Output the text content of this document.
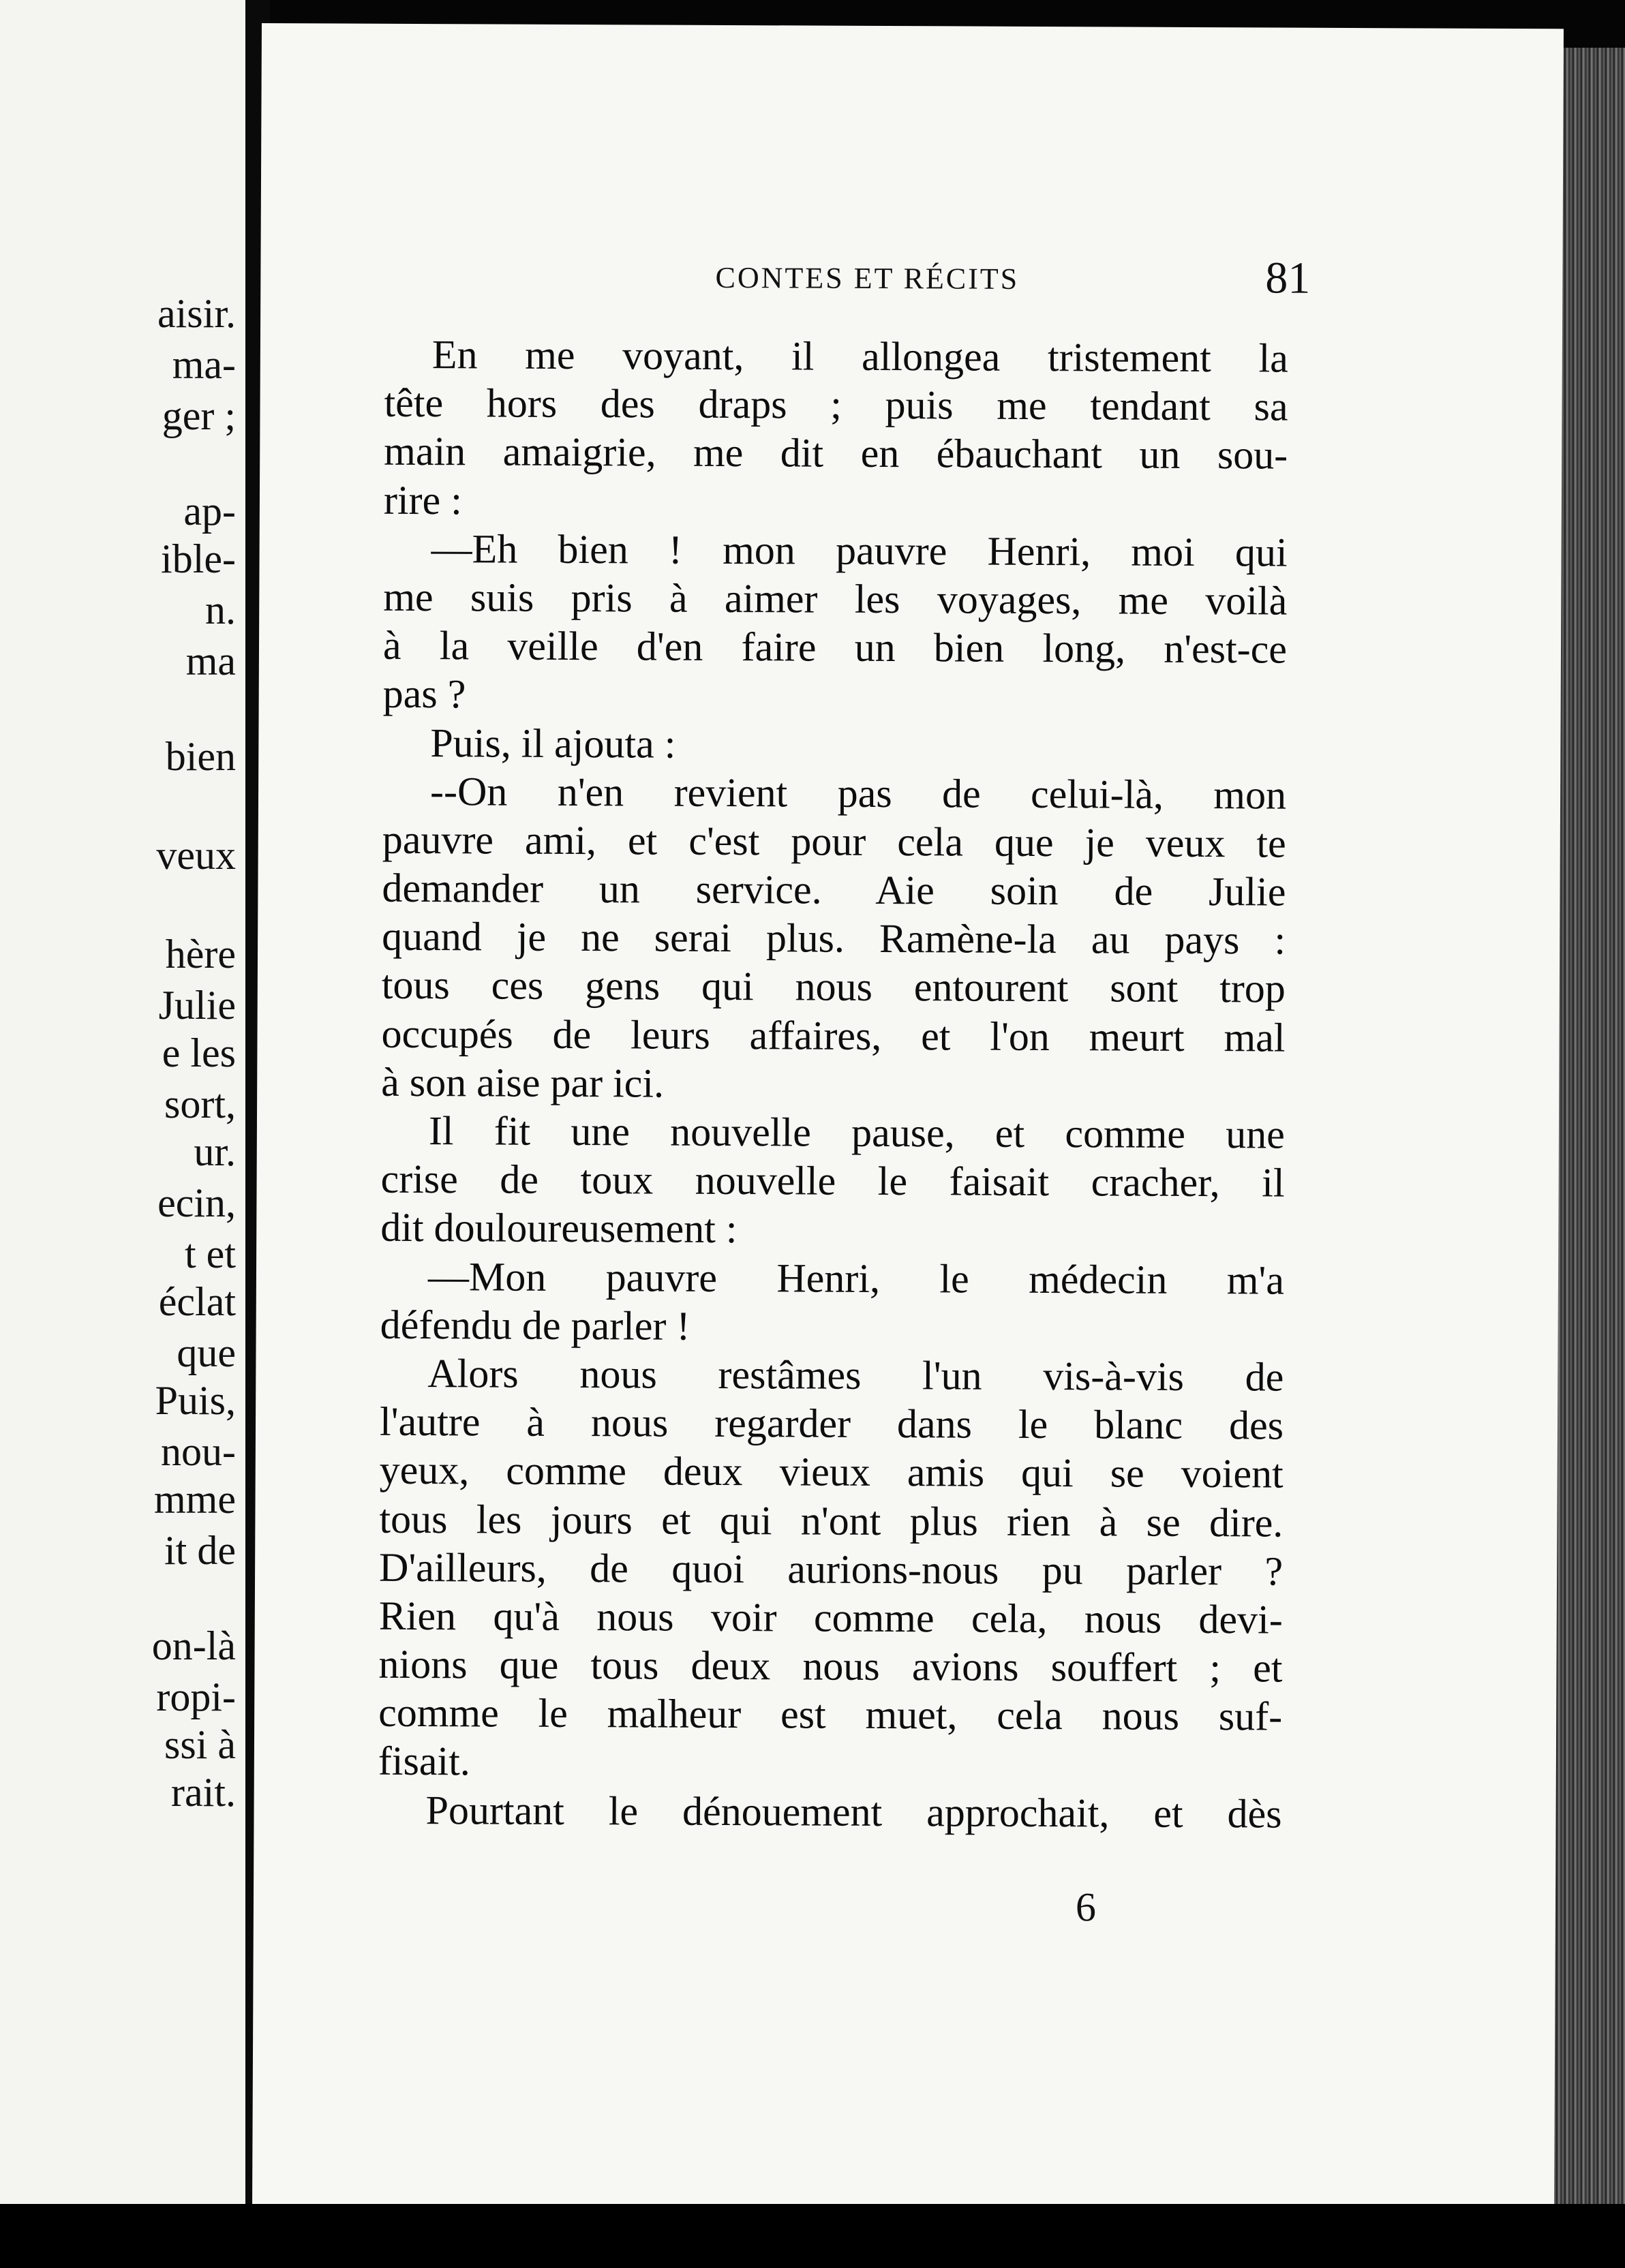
aisir.
ma-
ger ;
ap-
ible-
n.
ma
bien
veux
hère
Julie
e les
sort,
ur.
ecin,
t et
éclat
que
Puis,
nou-
mme
it de
on-là
ropi-
ssi à
rait.
CONTES ET RÉCITS	81
En me voyant, il allongea tristement la
tête hors des draps ; puis me tendant sa
main amaigrie, me dit en ébauchant un sou-
rire :
—Eh bien ! mon pauvre Henri, moi qui
me suis pris à aimer les voyages, me voilà
à la veille d'en faire un bien long, n'est-ce
pas ?
Puis, il ajouta :
--On n'en revient pas de celui-là, mon
pauvre ami, et c'est pour cela que je veux te
demander un service. Aie soin de Julie
quand je ne serai plus. Ramène-la au pays :
tous ces gens qui nous entourent sont trop
occupés de leurs affaires, et l'on meurt mal
à son aise par ici.
Il fit une nouvelle pause, et comme une
crise de toux nouvelle le faisait cracher, il
dit douloureusement :
—Mon pauvre Henri, le médecin m'a
défendu de parler !
Alors nous restâmes l'un vis-à-vis de
l'autre à nous regarder dans le blanc des
yeux, comme deux vieux amis qui se voient
tous les jours et qui n'ont plus rien à se dire.
D'ailleurs, de quoi aurions-nous pu parler ?
Rien qu'à nous voir comme cela, nous devi-
nions que tous deux nous avions souffert ; et
comme le malheur est muet, cela nous suf-
fisait.
Pourtant le dénouement approchait, et dès
6
